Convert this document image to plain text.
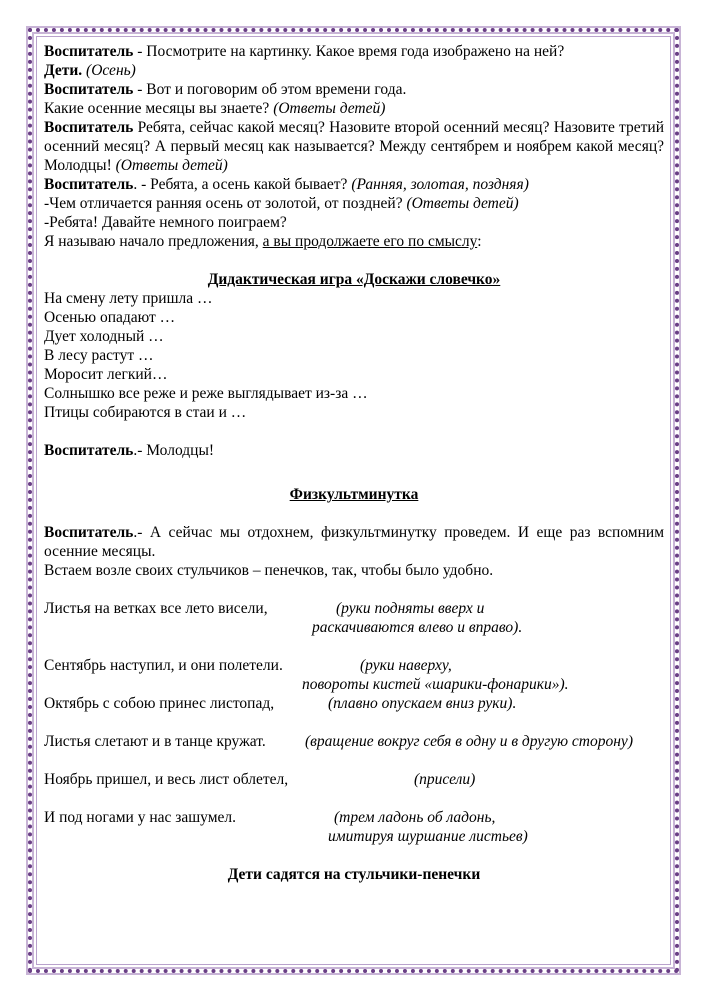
Воспитатель - Посмотрите на картинку. Какое время года изображено на ней?

Дети. (Осень)

Воспитатель - Вот и поговорим об этом времени года.

Какие осенние месяцы вы знаете? (Ответы детей)

Воспитатель Ребята, сейчас какой месяц? Назовите второй осенний месяц? Назовите третий осенний месяц? А первый месяц как называется? Между сентябрем и ноябрем какой месяц? Молодцы! (Ответы детей)

Воспитатель. - Ребята, а осень какой бывает? (Ранняя, золотая, поздняя)

-Чем отличается ранняя осень от золотой, от поздней? (Ответы детей)

-Ребята! Давайте немного поиграем?

Я называю начало предложения, а вы продолжаете его по смыслу:

Дидактическая игра «Доскажи словечко»

На смену лету пришла …

Осенью опадают …

Дует холодный …

В лесу растут …

Моросит легкий…

Солнышко все реже и реже выглядывает из-за …

Птицы собираются в стаи и …

Воспитатель.- Молодцы!

Физкультминутка

Воспитатель.- А сейчас мы отдохнем, физкультминутку проведем. И еще раз вспомним осенние месяцы.

Встаем возле своих стульчиков – пенечков, так, чтобы было удобно.

Листья на ветках все лето висели,	(руки подняты вверх и
раскачиваются влево и вправо).
Сентябрь наступил, и они полетели.	(руки наверху,
повороты кистей «шарики-фонарики»).
Октябрь с собою принес листопад,	(плавно опускаем вниз руки).
Листья слетают и в танце кружат.	(вращение вокруг себя в одну и в другую сторону)
Ноябрь пришел, и весь лист облетел,	(присели)
И под ногами у нас зашумел.	(трем ладонь об ладонь,
имитируя шуршание листьев)

Дети садятся на стульчики-пенечки
